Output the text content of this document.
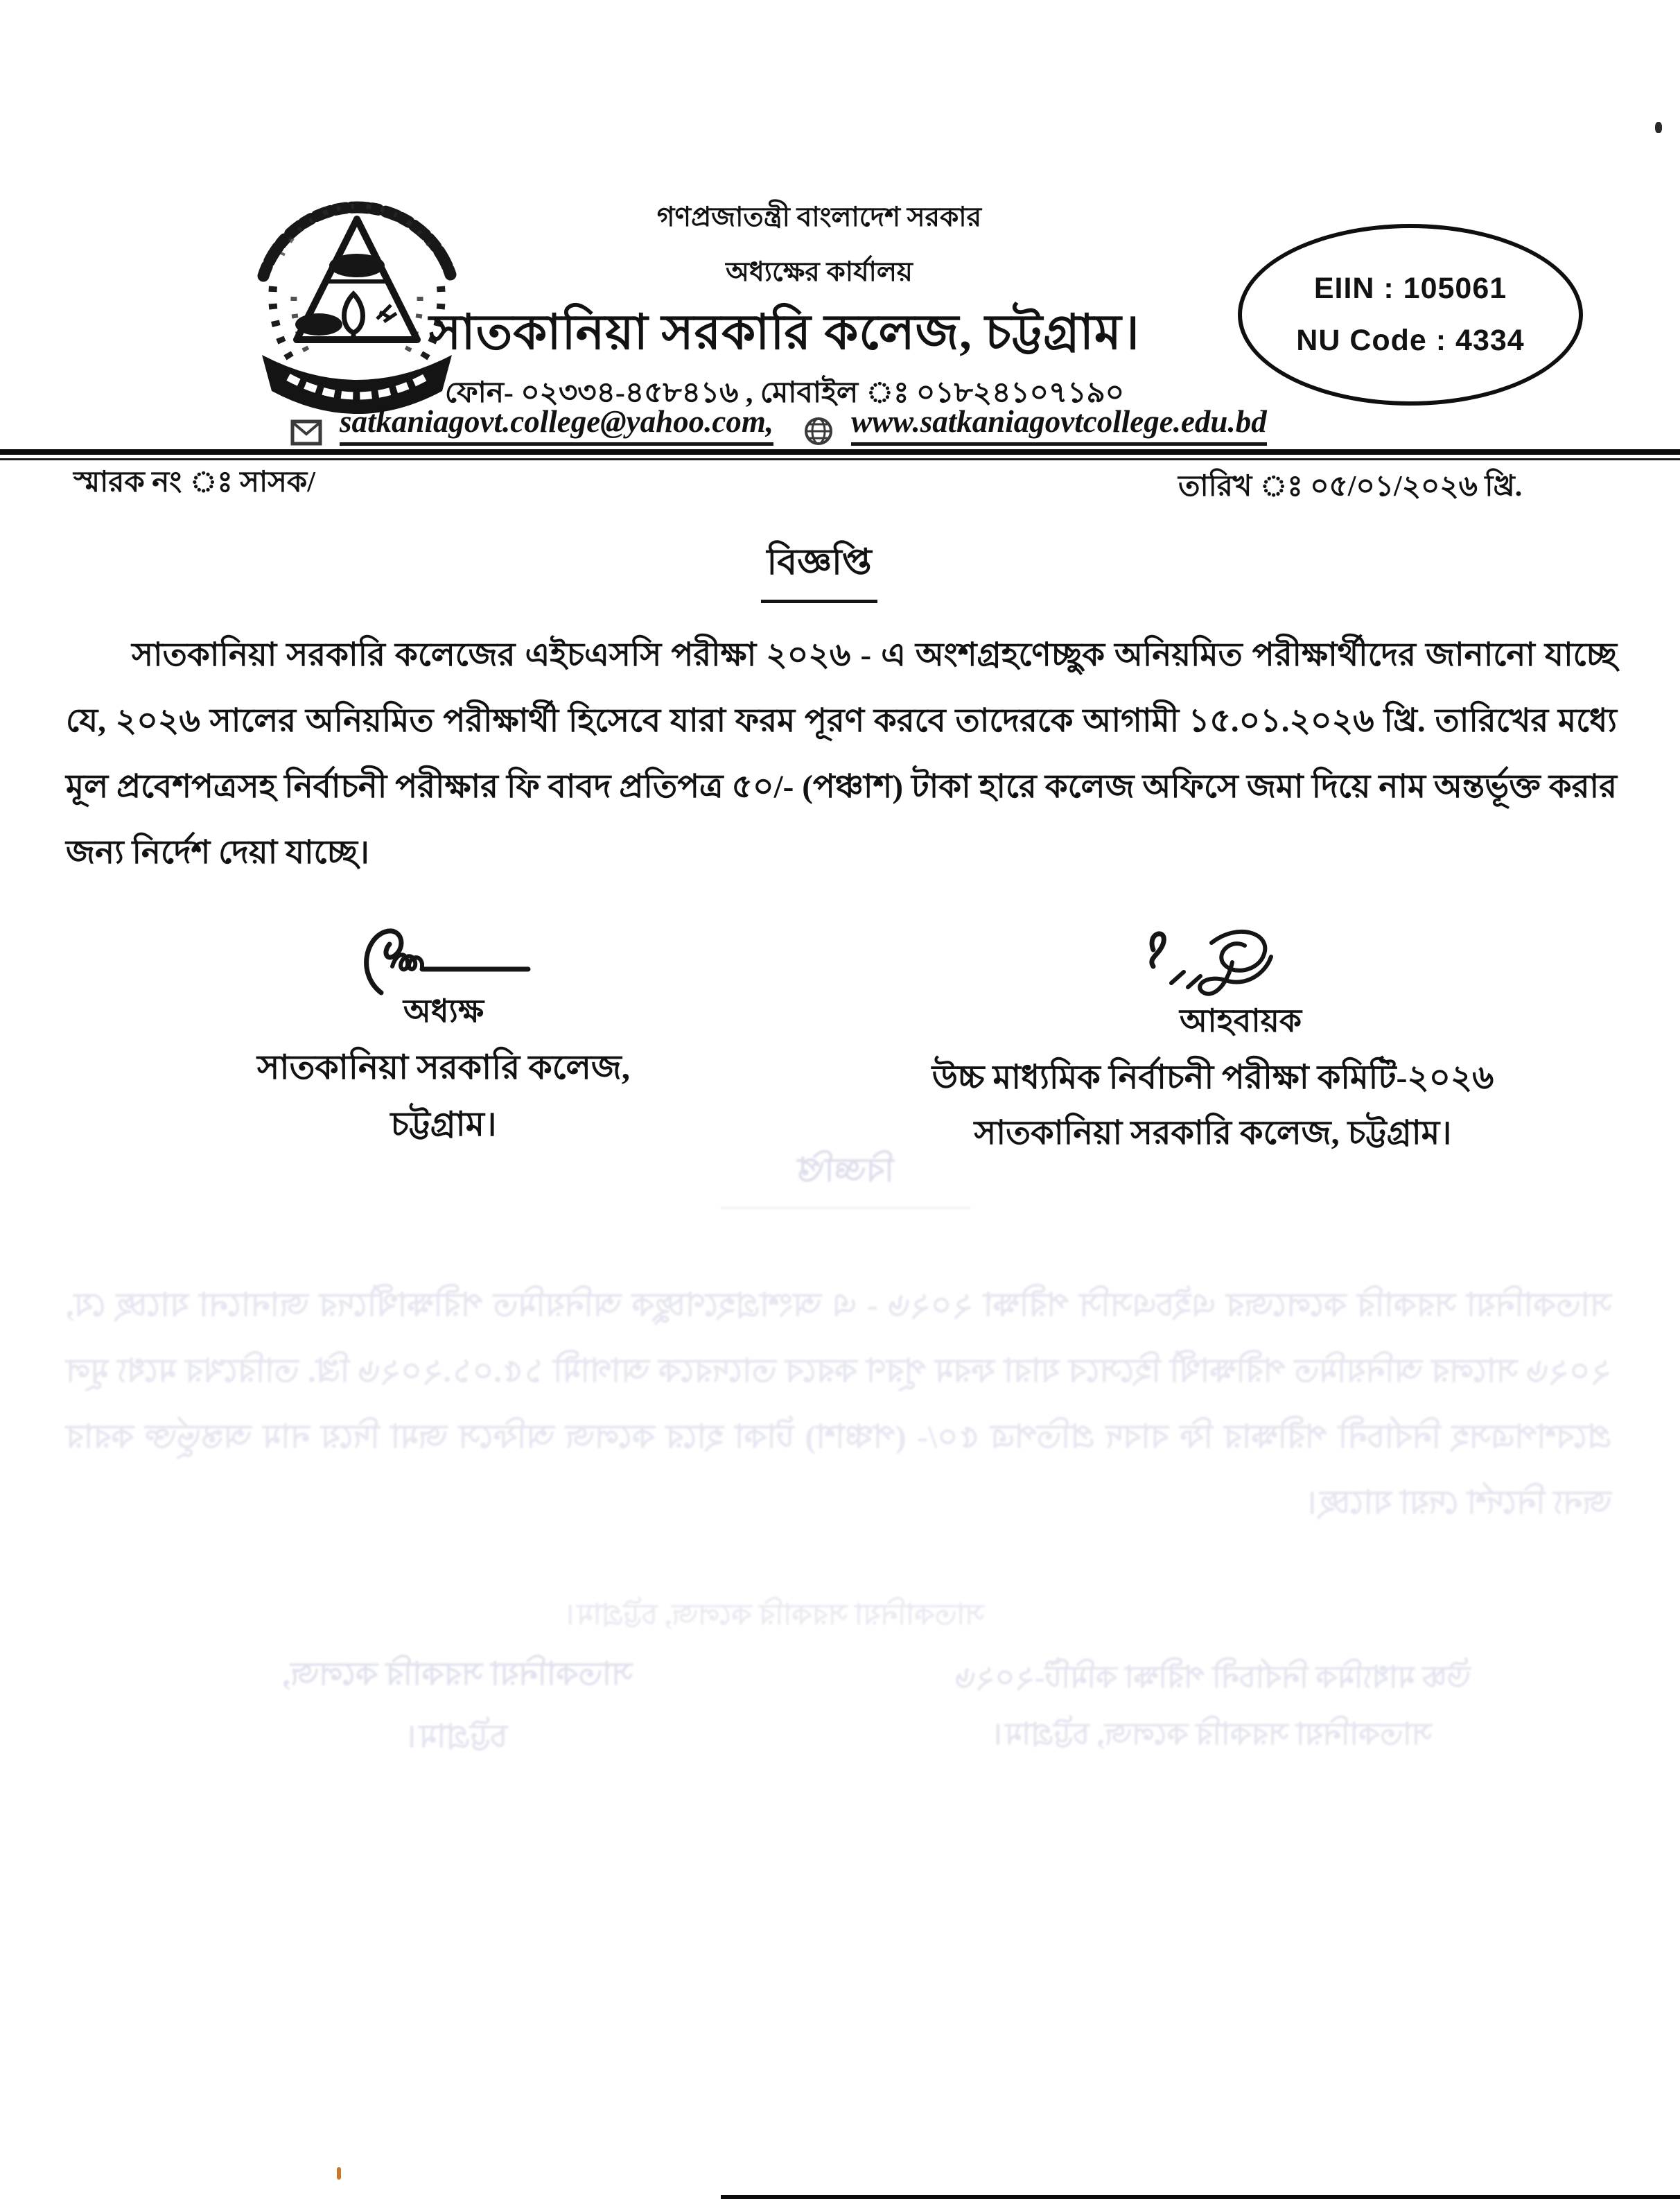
গণপ্রজাতন্ত্রী বাংলাদেশ সরকার
অধ্যক্ষের কার্যালয়
সাতকানিয়া সরকারি কলেজ, চট্টগ্রাম।
ফোন- ০২৩৩৪-৪৫৮৪১৬ , মোবাইল ঃ ০১৮২৪১০৭১৯০
EIIN : 105061
NU Code : 4334
satkaniagovt.college@yahoo.com, www.satkaniagovtcollege.edu.bd
স্মারক নং ঃ সাসক/	তারিখ ঃ ০৫/০১/২০২৬ খ্রি.
বিজ্ঞপ্তি
সাতকানিয়া সরকারি কলেজের এইচএসসি পরীক্ষা ২০২৬ - এ অংশগ্রহণেচ্ছুক অনিয়মিত পরীক্ষার্থীদের জানানো যাচ্ছে যে, ২০২৬ সালের অনিয়মিত পরীক্ষার্থী হিসেবে যারা ফরম পূরণ করবে তাদেরকে আগামী ১৫.০১.২০২৬ খ্রি. তারিখের মধ্যে মূল প্রবেশপত্রসহ নির্বাচনী পরীক্ষার ফি বাবদ প্রতিপত্র ৫০/- (পঞ্চাশ) টাকা হারে কলেজ অফিসে জমা দিয়ে নাম অন্তর্ভূক্ত করার জন্য নির্দেশ দেয়া যাচ্ছে।
অধ্যক্ষ
সাতকানিয়া সরকারি কলেজ,
চট্টগ্রাম।
আহবায়ক
উচ্চ মাধ্যমিক নির্বাচনী পরীক্ষা কমিটি-২০২৬
সাতকানিয়া সরকারি কলেজ, চট্টগ্রাম।
বিজ্ঞপ্তি
সাতকানিয়া সরকারি কলেজের এইচএসসি পরীক্ষা ২০২৬ - এ অংশগ্রহণেচ্ছুক অনিয়মিত পরীক্ষার্থীদের জানানো যাচ্ছে যে, ২০২৬ সালের অনিয়মিত পরীক্ষার্থী হিসেবে যারা ফরম পূরণ করবে তাদেরকে আগামী ১৫.০১.২০২৬ খ্রি. তারিখের মধ্যে মূল প্রবেশপত্রসহ নির্বাচনী পরীক্ষার ফি বাবদ প্রতিপত্র ৫০/- (পঞ্চাশ) টাকা হারে কলেজ অফিসে জমা দিয়ে নাম অন্তর্ভূক্ত করার জন্য নির্দেশ দেয়া যাচ্ছে।
সাতকানিয়া সরকারি কলেজ, চট্টগ্রাম।
সাতকানিয়া সরকারি কলেজ,
চট্টগ্রাম।
উচ্চ মাধ্যমিক নির্বাচনী পরীক্ষা কমিটি-২০২৬
সাতকানিয়া সরকারি কলেজ, চট্টগ্রাম।
